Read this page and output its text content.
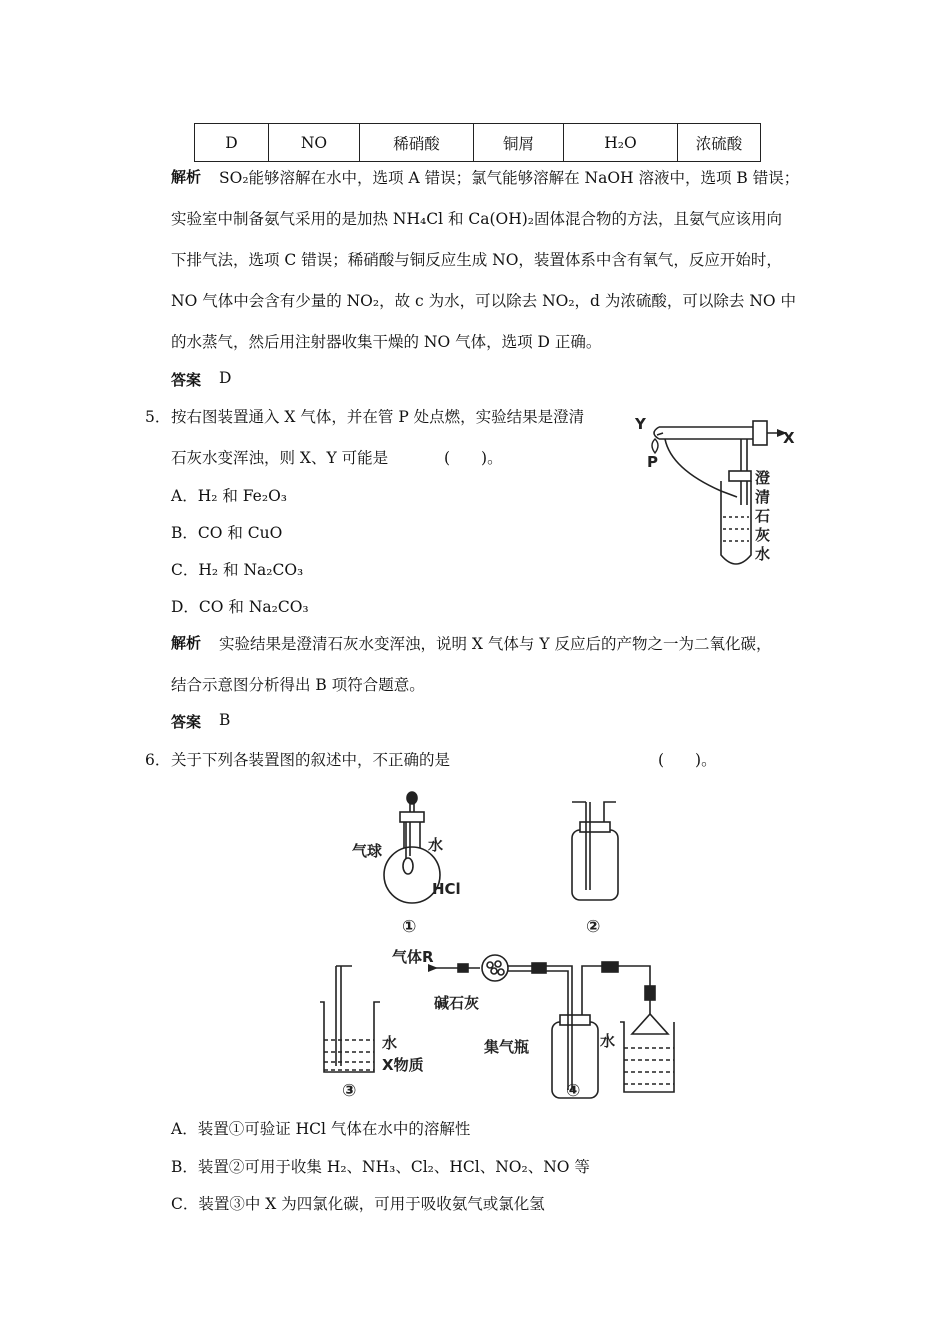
D	NO	稀硝酸	铜屑	H₂O	浓硫酸
解析 SO₂能够溶解在水中，选项 A 错误；氯气能够溶解在 NaOH 溶液中，选项 B 错误；
实验室中制备氨气采用的是加热 NH₄Cl 和 Ca(OH)₂固体混合物的方法，且氨气应该用向
下排气法，选项 C 错误；稀硝酸与铜反应生成 NO，装置体系中含有氧气，反应开始时，
NO 气体中会含有少量的 NO₂，故 c 为水，可以除去 NO₂，d 为浓硫酸，可以除去 NO 中
的水蒸气，然后用注射器收集干燥的 NO 气体，选项 D 正确。
答案 D
5． 按右图装置通入 X 气体，并在管 P 处点燃，实验结果是澄清
石灰水变浑浊，则 X、Y 可能是	(　　)。
A．H₂ 和 Fe₂O₃
B．CO 和 CuO
C．H₂ 和 Na₂CO₃
D．CO 和 Na₂CO₃
Y
X
P
澄
清
石
灰
水
解析 实验结果是澄清石灰水变浑浊，说明 X 气体与 Y 反应后的产物之一为二氧化碳，
结合示意图分析得出 B 项符合题意。
答案 B
6． 关于下列各装置图的叙述中，不正确的是	(　　)。
气球	水
HCl
①	②
水
X物质
③
气体R
碱石灰
集气瓶	水
④
A．装置①可验证 HCl 气体在水中的溶解性
B．装置②可用于收集 H₂、NH₃、Cl₂、HCl、NO₂、NO 等
C．装置③中 X 为四氯化碳，可用于吸收氨气或氯化氢
